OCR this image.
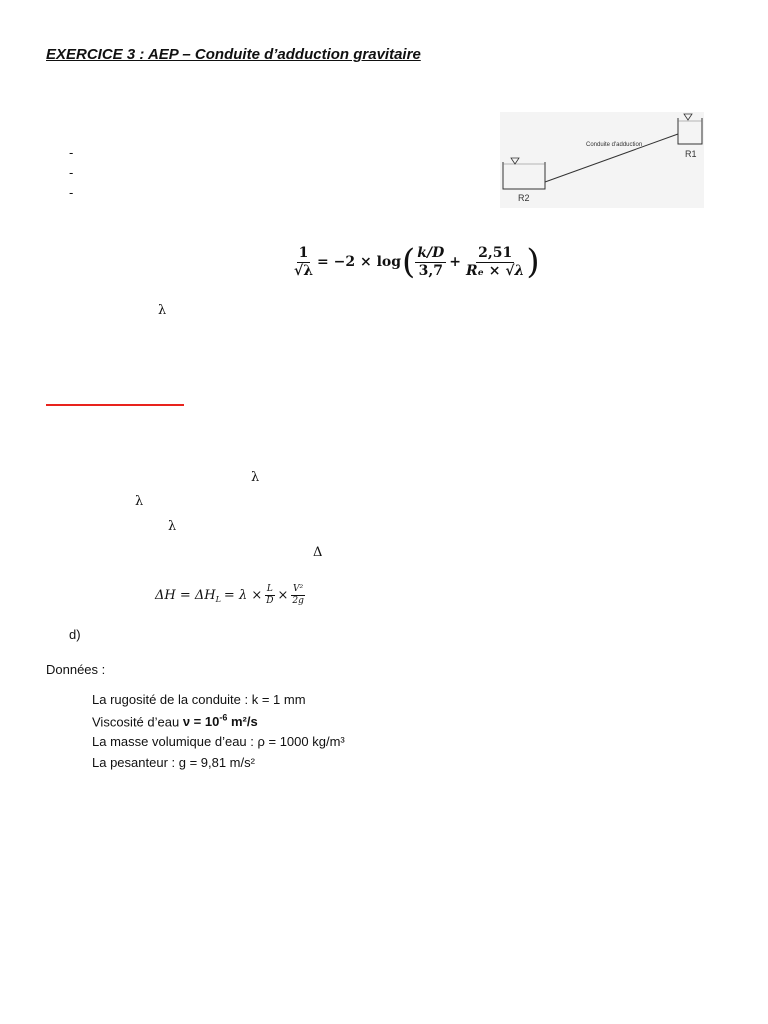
EXERCICE 3 : AEP – Conduite d’adduction gravitaire
-
-
-
Conduite d'adduction
R1
R2
$\frac{1}{√\lambda} = -2 \times \log$ ( $\frac{k/D}{3,7} + \frac{2,51}{\text{Rₑ × √λ}}$ )
λ
λ
λ
λ
Δ
$\Delta H = \Delta H_L = \lambda \times \frac{L}{D} \times \frac{\text{V²}}{2g}$
d)
Données :
La rugosité de la conduite : k = 1 mm
Viscosité d’eau $\nu = 10^{-6}$ m²/s
La masse volumique d’eau : ρ = 1000 kg/m³
La pesanteur : g = 9,81 m/s²
